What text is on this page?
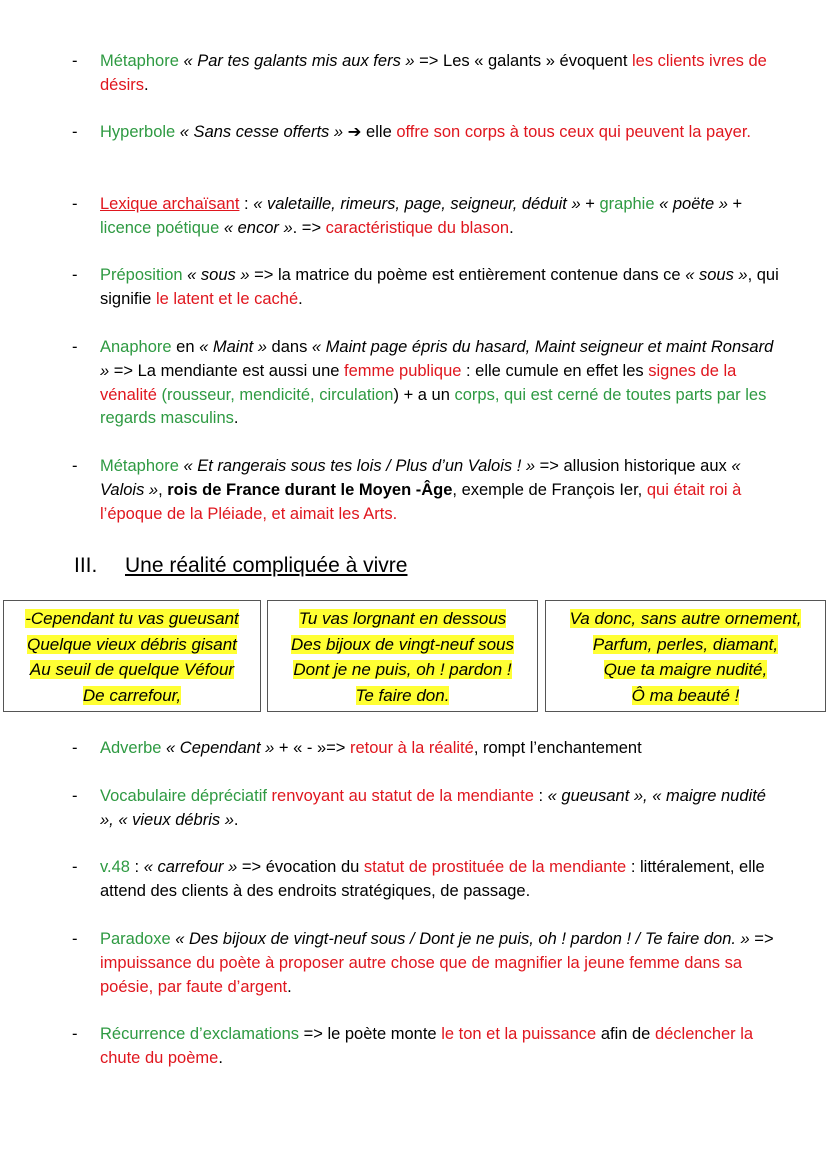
- Métaphore « Par tes galants mis aux fers » => Les « galants » évoquent les clients ivres de désirs.
- Hyperbole « Sans cesse offerts » ➔ elle offre son corps à tous ceux qui peuvent la payer.
- Lexique archaïsant : « valetaille, rimeurs, page, seigneur, déduit » + graphie « poëte » + licence poétique « encor ». => caractéristique du blason.
- Préposition « sous » => la matrice du poème est entièrement contenue dans ce « sous », qui signifie le latent et le caché.
- Anaphore en « Maint » dans « Maint page épris du hasard, Maint seigneur et maint Ronsard » => La mendiante est aussi une femme publique : elle cumule en effet les signes de la vénalité (rousseur, mendicité, circulation) + a un corps, qui est cerné de toutes parts par les regards masculins.
- Métaphore « Et rangerais sous tes lois / Plus d’un Valois ! » => allusion historique aux « Valois », rois de France durant le Moyen -Âge, exemple de François Ier, qui était roi à l’époque de la Pléiade, et aimait les Arts.
III. Une réalité compliquée à vivre
-Cependant tu vas gueusant
Quelque vieux débris gisant
Au seuil de quelque Véfour
De carrefour,
Tu vas lorgnant en dessous
Des bijoux de vingt-neuf sous
Dont je ne puis, oh ! pardon !
Te faire don.
Va donc, sans autre ornement,
Parfum, perles, diamant,
Que ta maigre nudité,
Ô ma beauté !
- Adverbe « Cependant » + « - »=> retour à la réalité, rompt l’enchantement
- Vocabulaire dépréciatif renvoyant au statut de la mendiante : « gueusant », « maigre nudité », « vieux débris ».
- v.48 : « carrefour » => évocation du statut de prostituée de la mendiante : littéralement, elle attend des clients à des endroits stratégiques, de passage.
- Paradoxe « Des bijoux de vingt-neuf sous / Dont je ne puis, oh ! pardon ! / Te faire don. » => impuissance du poète à proposer autre chose que de magnifier la jeune femme dans sa poésie, par faute d’argent.
- Récurrence d’exclamations => le poète monte le ton et la puissance afin de déclencher la chute du poème.
